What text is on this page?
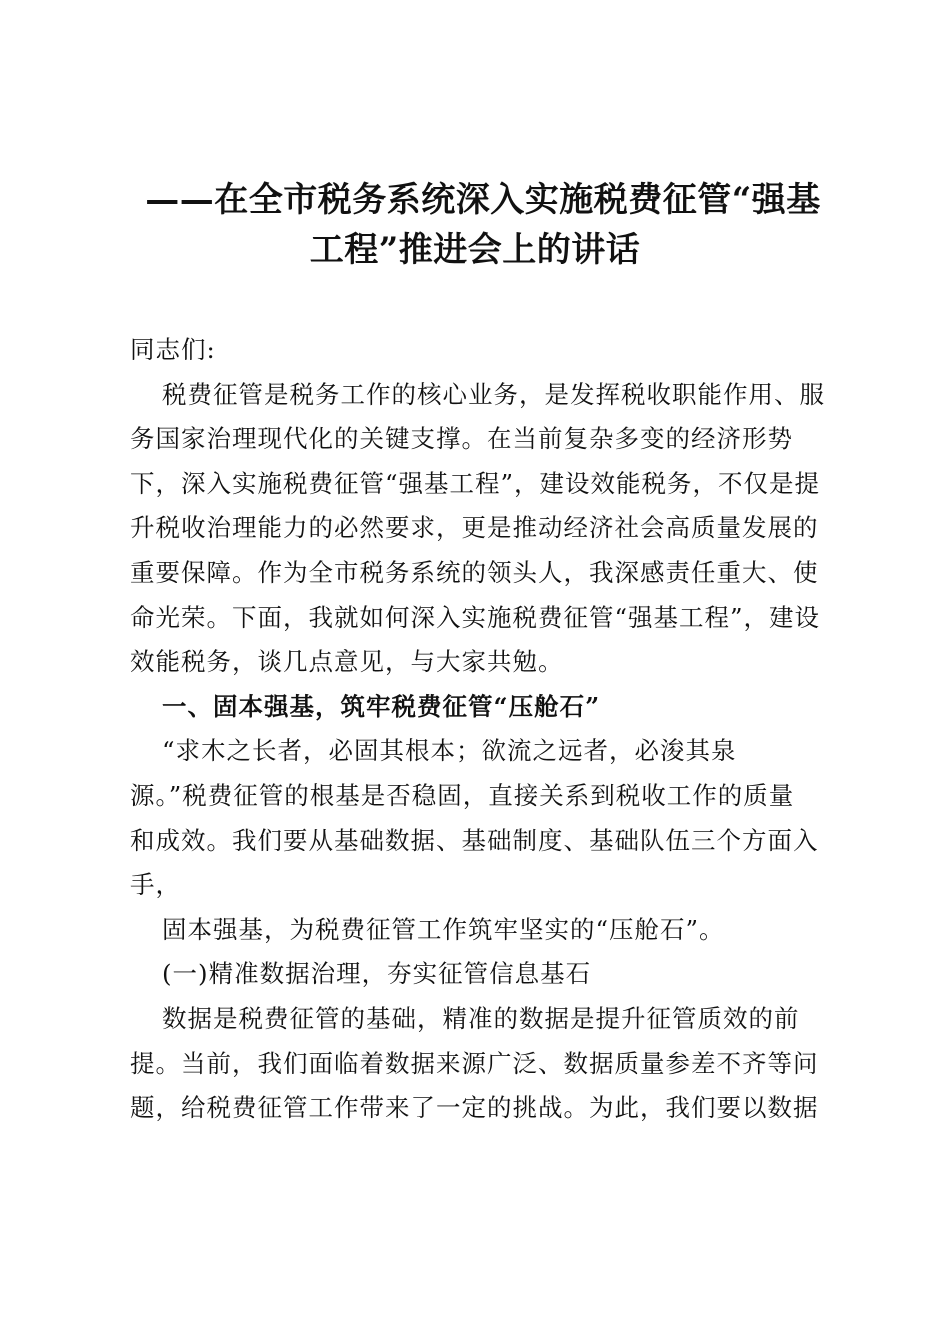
——在全市税务系统深入实施税费征管“强基
工程”推进会上的讲话
同志们:
税费征管是税务工作的核心业务，是发挥税收职能作用、服
务国家治理现代化的关键支撑。在当前复杂多变的经济形势
下，深入实施税费征管“强基工程”，建设效能税务，不仅是提
升税收治理能力的必然要求，更是推动经济社会高质量发展的
重要保障。作为全市税务系统的领头人，我深感责任重大、使
命光荣。下面，我就如何深入实施税费征管“强基工程”，建设
效能税务，谈几点意见，与大家共勉。
一、固本强基，筑牢税费征管“压舱石”
“求木之长者，必固其根本；欲流之远者，必浚其泉
源。”税费征管的根基是否稳固，直接关系到税收工作的质量
和成效。我们要从基础数据、基础制度、基础队伍三个方面入
手，
固本强基，为税费征管工作筑牢坚实的“压舱石”。
(一)精准数据治理，夯实征管信息基石
数据是税费征管的基础，精准的数据是提升征管质效的前
提。当前，我们面临着数据来源广泛、数据质量参差不齐等问
题，给税费征管工作带来了一定的挑战。为此，我们要以数据
